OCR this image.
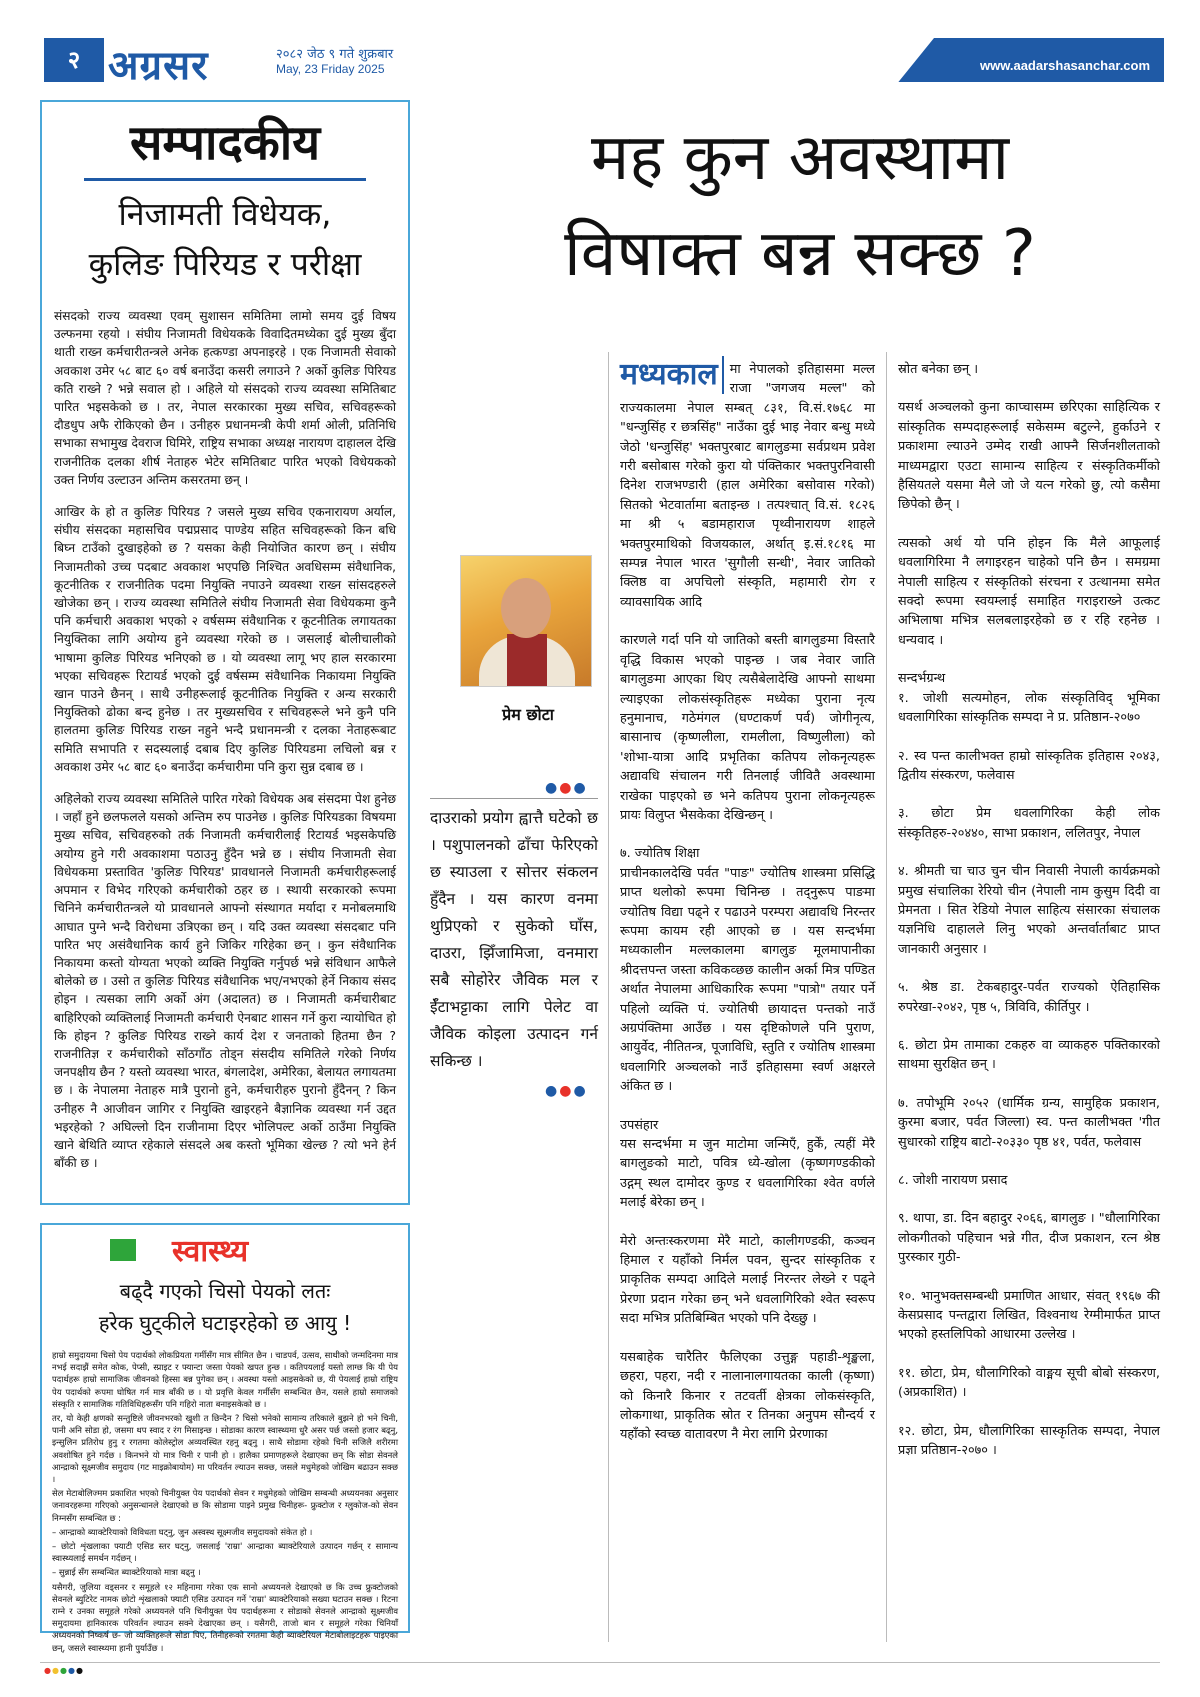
२ अग्रसर	२०८२ जेठ ९ गते शुक्रबार
May, 23 Friday 2025	www.aadarshasanchar.com
सम्पादकीय
निजामती विधेयक,
कुलिङ पिरियड र परीक्षा

संसदको राज्य व्यवस्था एवम् सुशासन समितिमा लामो समय दुई विषय उल्फनमा रहयो । संघीय निजामती विधेयकके विवादितमध्येका दुई मुख्य बुँदा थाती राख्न कर्मचारीतन्त्रले अनेक हत्कण्डा अपनाइरहे । एक निजामती सेवाको अवकाश उमेर ५८ बाट ६० वर्ष बनाउँदा कसरी लगाउने ? अर्को कुलिङ पिरियड कति राख्ने ? भन्ने सवाल हो । अहिले यो संसदको राज्य व्यवस्था समितिबाट पारित भइसकेको छ । तर, नेपाल सरकारका मुख्य सचिव, सचिवहरूको दौडधुप अफै रोकिएको छैन । उनीहरु प्रधानमन्त्री केपी शर्मा ओली, प्रतिनिधि सभाका सभामुख देवराज घिमिरे, राष्ट्रिय सभाका अध्यक्ष नारायण दाहालल देखि राजनीतिक दलका शीर्ष नेताहरु भेटेर समितिबाट पारित भएको विधेयकको उक्त निर्णय उल्टाउन अन्तिम कसरतमा छन् ।

आखिर के हो त कुलिङ पिरियड ? जसले मुख्य सचिव एकनारायण अर्याल, संघीय संसदका महासचिव पद्मप्रसाद पाण्डेय सहित सचिवहरूको किन बधि बिघ्न टाउँको दुखाइहेको छ ? यसका केही नियोजित कारण छन् । संघीय निजामतीको उच्च पदबाट अवकाश भएपछि निश्चित अवधिसम्म संवैधानिक, कूटनीतिक र राजनीतिक पदमा नियुक्ति नपाउने व्यवस्था राख्न सांसदहरुले खोजेका छन् । राज्य व्यवस्था समितिले संघीय निजामती सेवा विधेयकमा कुनै पनि कर्मचारी अवकाश भएको २ वर्षसम्म संवैधानिक र कूटनीतिक लगायतका नियुक्तिका लागि अयोग्य हुने व्यवस्था गरेको छ । जसलाई बोलीचालीको भाषामा कुलिङ पिरियड भनिएको छ । यो व्यवस्था लागू भए हाल सरकारमा भएका सचिवहरू रिटायर्ड भएको दुई वर्षसम्म संवैधानिक निकायमा नियुक्ति खान पाउने छैनन् । साथै उनीहरूलाई कूटनीतिक नियुक्ति र अन्य सरकारी नियुक्तिको ढोका बन्द हुनेछ । तर मुख्यसचिव र सचिवहरूले भने कुनै पनि हालतमा कुलिङ पिरियड राख्न नहुने भन्दै प्रधानमन्त्री र दलका नेताहरूबाट समिति सभापति र सदस्यलाई दबाब दिए कुलिङ पिरियडमा लचिलो बन्न र अवकाश उमेर ५८ बाट ६० बनाउँदा कर्मचारीमा पनि कुरा सुन्न दबाब छ ।

अहिलेको राज्य व्यवस्था समितिले पारित गरेको विधेयक अब संसदमा पेश हुनेछ । जहाँ हुने छलफलले यसको अन्तिम रुप पाउनेछ । कुलिङ पिरियडका विषयमा मुख्य सचिव, सचिवहरुको तर्क निजामती कर्मचारीलाई रिटायर्ड भइसकेपछि अयोग्य हुने गरी अवकाशमा पठाउनु हुँदैन भन्ने छ । संघीय निजामती सेवा विधेयकमा प्रस्तावित 'कुलिङ पिरियड' प्रावधानले निजामती कर्मचारीहरूलाई अपमान र विभेद गरिएको कर्मचारीको ठहर छ । स्थायी सरकारको रूपमा चिनिने कर्मचारीतन्त्रले यो प्रावधानले आफ्नो संस्थागत मर्यादा र मनोबलमाथि आघात पुग्ने भन्दै विरोधमा उत्रिएका छन् । यदि उक्त व्यवस्था संसदबाट पनि पारित भए असंवैधानिक कार्य हुने जिकिर गरिहेका छन् । कुन संवैधानिक निकायमा कस्तो योग्यता भएको व्यक्ति नियुक्ति गर्नुपर्छ भन्ने संविधान आफैले बोलेको छ । उसो त कुलिङ पिरियड संवैधानिक भए/नभएको हेर्ने निकाय संसद होइन । त्यसका लागि अर्को अंग (अदालत) छ । निजामती कर्मचारीबाट बाहिरिएको व्यक्तिलाई निजामती कर्मचारी ऐनबाट शासन गर्ने कुरा न्यायोचित हो कि होइन ? कुलिङ पिरियड राख्ने कार्य देश र जनताको हितमा छैन ? राजनीतिज्ञ र कर्मचारीको साँठगाँठ तोड्न संसदीय समितिले गरेको निर्णय जनपक्षीय छैन ? यस्तो व्यवस्था भारत, बंगलादेश, अमेरिका, बेलायत लगायतमा छ । के नेपालमा नेताहरु मात्रै पुरानो हुने, कर्मचारीहरु पुरानो हुँदैनन् ? किन उनीहरु नै आजीवन जागिर र नियुक्ति खाइरहने बैज्ञानिक व्यवस्था गर्न उद्दत भइरहेको ? अघिल्लो दिन राजीनामा दिएर भोलिपल्ट अर्को ठाउँमा नियुक्ति खाने बेथिति व्याप्त रहेकाले संसदले अब कस्तो भूमिका खेल्छ ? त्यो भने हेर्न बाँकी छ ।

स्वास्थ्य
बढ्दै गएको चिसो पेयको लतः
हरेक घुट्कीले घटाइरहेको छ आयु !

हाम्रो समुदायमा चिसो पेय पदार्थको लोकप्रियता गर्मीसँग मात्र सीमित छैन । चाडपर्व, उत्सव, साथीको जन्मदिनमा मात्र नभई सदाझैं समेत कोक, पेप्सी, स्प्राइट र फ्यान्टा जस्ता पेयको खपत हुन्छ । कतिपयलाई यस्तो लाग्छ कि यी पेय पदार्थहरू हाम्रो सामाजिक जीवनको हिस्सा बन्न पुगेका छन् । अवस्था यस्तो आइसकेको छ, यी पेयलाई हाम्रो राष्ट्रिय पेय पदार्थको रूपमा घोषित गर्न मात्र बाँकी छ । यो प्रवृत्ति केवल गर्मीसँग सम्बन्धित छैन, यसले हाम्रो समाजको संस्कृति र सामाजिक गतिविधिहरूसँग पनि गहिरो नाता बनाइसकेको छ ।

तर, यो केही क्षणको सन्तुष्टिले जीवनभरको खुशी त छिन्दैन ? चिसो भनेको सामान्य तरिकाले बुझने हो भने चिनी, पानी अनि सोडा हो, जसमा थप स्वाद र रंग मिसाइन्छ । सोडाका कारण स्वास्थ्यमा धुरै असर पर्छ जस्तो हजार बढ्नु, इन्सुलिन प्रतिरोध हुनु र रगतमा कोलेस्ट्रोल अव्यवस्थित रहनु बढ्नु । साथै सोडामा रहेको चिनी सजिलै शरीरमा अवशोषित हुने गर्दछ । किनभने यो मात्र चिनी र पानी हो । हालैका प्रमाणहरूले देखाएका छन् कि सोडा सेवनले आन्द्राको सूक्ष्मजीव समुदाय (गट माइक्रोबायोम) मा परिवर्तन ल्याउन सक्छ, जसले मधुमेहको जोखिम बढाउन सक्छ ।

सेल मेटाबोलिज्मम प्रकाशित भएको चिनीयुक्त पेय पदार्थको सेवन र मधुमेहको जोखिम सम्बन्धी अध्ययनका अनुसार जनावरहरूमा गरिएको अनुसन्धानले देखाएको छ कि सोडामा पाइने प्रमुख चिनीहरू- फ्रुक्टोज र ग्लुकोज-को सेवन निम्नसँग सम्बन्धित छ :

– आन्द्राको ब्याक्टेरियाको विविधता घट्नु, जुन अस्वस्थ सूक्ष्मजीव समुदायको संकेत हो ।

– छोटो शृंखलाका फ्याटी एसिड स्तर घट्नु, जसलाई 'राम्रा' आन्द्राका ब्याक्टेरियाले उत्पादन गर्छन् र सामान्य स्वास्थ्यलाई समर्थन गर्दछन् ।

– सुन्नाई सँग सम्बन्धित ब्याक्टेरियाको मात्रा बढ्नु ।

यसैगरी, जुलिया वड्सनर र समूहले १२ महिनामा गरेका एक सानो अध्ययनले देखाएको छ कि उच्च फ्रुक्टोजको सेवनले ब्युटिरेट नामक छोटो शृंखलाको फ्याटी एसिड उत्पादन गर्ने 'राम्रा' ब्याक्टेरियाको सख्या घटाउन सक्छ । रिटना राम्ने र उनका समूहले गरेको अध्ययनले पनि चिनीयुक्त पेय पदार्थहरूमा र सोडाको सेवनले आन्द्राको सूक्ष्मजीव समुदायमा हानिकारक परिवर्तन ल्याउन सक्ने देखाएका छन् । यसैगरी, ताजो बान र समूहले गरेका चिनियाँ अध्ययनको निष्कर्ष छ- जो व्यक्तिहरूले सोडा पिए, तिनीहरूको रगतमा केही ब्याक्टेरियल मेटाबोलाइटहरू पाइएका छन्, जसले स्वास्थ्यमा हानी पुर्याउँछ ।

मह कुन अवस्थामा
विषाक्त बन्न सक्छ ?
प्रेम छोटा
●●●
दाउराको प्रयोग ह्वात्तै घटेको छ । पशुपालनको ढाँचा फेरिएको छ स्याउला र सोत्तर संकलन हुँदैन । यस कारण वनमा थुप्रिएको र सुकेको घाँस, दाउरा, झिँजामिजा, वनमारा सबै सोहोरेर जैविक मल र ईँटाभट्टाका लागि पेलेट वा जैविक कोइला उत्पादन गर्न सकिन्छ ।
●●●

मध्यकाल मा नेपालको इतिहासमा मल्ल राजा "जगजय मल्ल" को राज्यकालमा नेपाल सम्बत् ८३१, वि.सं.१७६८ मा "धन्जुसिंह र छत्रसिंह" नाउँका दुई भाइ नेवार बन्धु मध्ये जेठो 'धन्जुसिंह' भक्तपुरबाट बागलुङमा सर्वप्रथम प्रवेश गरी बसोबास गरेको कुरा यो पंक्तिकार भक्तपुरनिवासी दिनेश राजभण्डारी (हाल अमेरिका बसोवास गरेको) सितको भेटवार्तामा बताइन्छ । तत्पश्चात् वि.सं. १८२६ मा श्री ५ बडामहाराज पृथ्वीनारायण शाहले भक्तपुरमाथिको विजयकाल, अर्थात् इ.सं.१८१६ मा सम्पन्न नेपाल भारत 'सुगौली सन्धी', नेवार जातिको क्लिष्ठ वा अपचिलो संस्कृति, महामारी रोग र व्यावसायिक आदि

कारणले गर्दा पनि यो जातिको बस्ती बागलुङमा विस्तारै वृद्धि विकास भएको पाइन्छ । जब नेवार जाति बागलुङमा आएका थिए त्यसैबेलादेखि आफ्नो साथमा ल्याइएका लोकसंस्कृतिहरू मध्येका पुराना नृत्य हनुमानाच, गठेमंगल (घण्टाकर्ण पर्व) जोगीनृत्य, बासानाच (कृष्णलीला, रामलीला, विष्णुलीला) को 'शोभा-यात्रा आदि प्रभृतिका कतिपय लोकनृत्यहरू अद्यावधि संचालन गरी तिनलाई जीवितै अवस्थामा राखेका पाइएको छ भने कतिपय पुराना लोकनृत्यहरू प्रायः विलुप्त भैसकेका देखिन्छन् ।

७. ज्योतिष शिक्षा
प्राचीनकालदेखि पर्वत "पाङ" ज्योतिष शास्त्रमा प्रसिद्धि प्राप्त थलोको रूपमा चिनिन्छ । तद्नुरूप पाङमा ज्योतिष विद्या पढ्ने र पढाउने परम्परा अद्यावधि निरन्तर रूपमा कायम रही आएको छ । यस सन्दर्भमा मध्यकालीन मल्लकालमा बागलुङ मूलमापानीका श्रीदत्तपन्त जस्ता कविकव्छछ कालीन अर्का मित्र पण्डित अर्थात नेपालमा आधिकारिक रूपमा "पात्रो" तयार पर्ने पहिलो व्यक्ति पं. ज्योतिषी छायादत्त पन्तको नाउँ अग्रपंक्तिमा आउँछ । यस दृष्टिकोणले पनि पुराण, आयुर्वेद, नीतितन्त्र, पूजाविधि, स्तुति र ज्योतिष शास्त्रमा धवलागिरि अञ्चलको नाउँ इतिहासमा स्वर्ण अक्षरले अंकित छ ।

उपसंहार
यस सन्दर्भमा म जुन माटोमा जन्मिएँ, हुर्कें, त्यहीं मेरै बागलुङको माटो, पवित्र ध्ये-खोला (कृष्णगण्डकीको उद्गम् स्थल दामोदर कुण्ड र धवलागिरिका श्वेत वर्णले मलाई बेरेका छन् ।

मेरो अन्तःस्करणमा मेरै माटो, कालीगण्डकी, कञ्चन हिमाल र यहाँको निर्मल पवन, सुन्दर सांस्कृतिक र प्राकृतिक सम्पदा आदिले मलाई निरन्तर लेख्ने र पढ्ने प्रेरणा प्रदान गरेका छन् भने धवलागिरिको श्वेत स्वरूप सदा मभित्र प्रतिबिम्बित भएको पनि देख्छु ।

यसबाहेक चारैतिर फैलिएका उत्तुङ्ग पहाडी-शृङ्खला, छहरा, पहरा, नदी र नालानालगायतका काली (कृष्णा) को किनारै किनार र तटवर्ती क्षेत्रका लोकसंस्कृति, लोकगाथा, प्राकृतिक स्रोत र तिनका अनुपम सौन्दर्य र यहाँको स्वच्छ वातावरण नै मेरा लागि प्रेरणाका

स्रोत बनेका छन् ।

यसर्थ अञ्चलको कुना काप्चासम्म छरिएका साहित्यिक र सांस्कृतिक सम्पदाहरूलाई सकेसम्म बटुल्ने, हुर्काउने र प्रकाशमा ल्याउने उम्मेद राखी आफ्नै सिर्जनशीलताको माध्यमद्वारा एउटा सामान्य साहित्य र संस्कृतिकर्मीको हैसियतले यसमा मैले जो जे यत्न गरेको छु, त्यो कसैमा छिपेको छैन् ।

त्यसको अर्थ यो पनि होइन कि मैले आफूलाई धवलागिरिमा नै लगाइरहन चाहेको पनि छैन । समग्रमा नेपाली साहित्य र संस्कृतिको संरचना र उत्थानमा समेत सक्दो रूपमा स्वयम्लाई समाहित गराइराख्ने उत्कट अभिलाषा मभित्र सलबलाइरहेको छ र रहि रहनेछ । धन्यवाद ।

सन्दर्भग्रन्थ
१. जोशी सत्यमोहन, लोक संस्कृतिविद् भूमिका धवलागिरिका सांस्कृतिक सम्पदा ने प्र. प्रतिष्ठान-२०७०

२. स्व पन्त कालीभक्त हाम्रो सांस्कृतिक इतिहास २०४३, द्वितीय संस्करण, फलेवास

३. छोटा प्रेम धवलागिरिका केही लोक संस्कृतिहरु-२०४४०, साभा प्रकाशन, ललितपुर, नेपाल

४. श्रीमती चा चाउ चुन चीन निवासी नेपाली कार्यक्रमको प्रमुख संचालिका रेरियो चीन (नेपाली नाम कुसुम दिदी वा प्रेमनता । सित रेडियो नेपाल साहित्य संसारका संचालक यज्ञनिधि दाहालले लिनु भएको अन्तर्वार्ताबाट प्राप्त जानकारी अनुसार ।

५. श्रेष्ठ डा. टेकबहादुर-पर्वत राज्यको ऐतिहासिक रुपरेखा-२०४२, पृष्ठ ५, त्रिविवि, कीर्तिपुर ।

६. छोटा प्रेम तामाका टकहरु वा व्याकहरु पक्तिकारको साथमा सुरक्षित छन् ।

७. तपोभूमि २०५२ (धार्मिक ग्रन्य, सामुहिक प्रकाशन, कुरमा बजार, पर्वत जिल्ला) स्व. पन्त कालीभक्त 'गीत सुधारको राष्ट्रिय बाटो-२०३३० पृष्ठ ४१, पर्वत, फलेवास

८. जोशी नारायण प्रसाद

९. थापा, डा. दिन बहादुर २०६६, बागलुङ । "धौलागिरिका लोकगीतको पहिचान भन्ने गीत, दीज प्रकाशन, रत्न श्रेष्ठ पुरस्कार गुठी-

१०. भानुभक्तसम्बन्धी प्रमाणित आधार, संवत् १९६७ की केसप्रसाद पन्तद्वारा लिखित, विश्वनाथ रेग्मीमार्फत प्राप्त भएको हस्तलिपिको आधारमा उल्लेख ।

११. छोटा, प्रेम, धौलागिरिको वाङ्मय सूची बोबो संस्करण, (अप्रकाशित) ।

१२. छोटा, प्रेम, धौलागिरिका सास्कृतिक सम्पदा, नेपाल प्रज्ञा प्रतिष्ठान-२०७० ।

●●●●●
